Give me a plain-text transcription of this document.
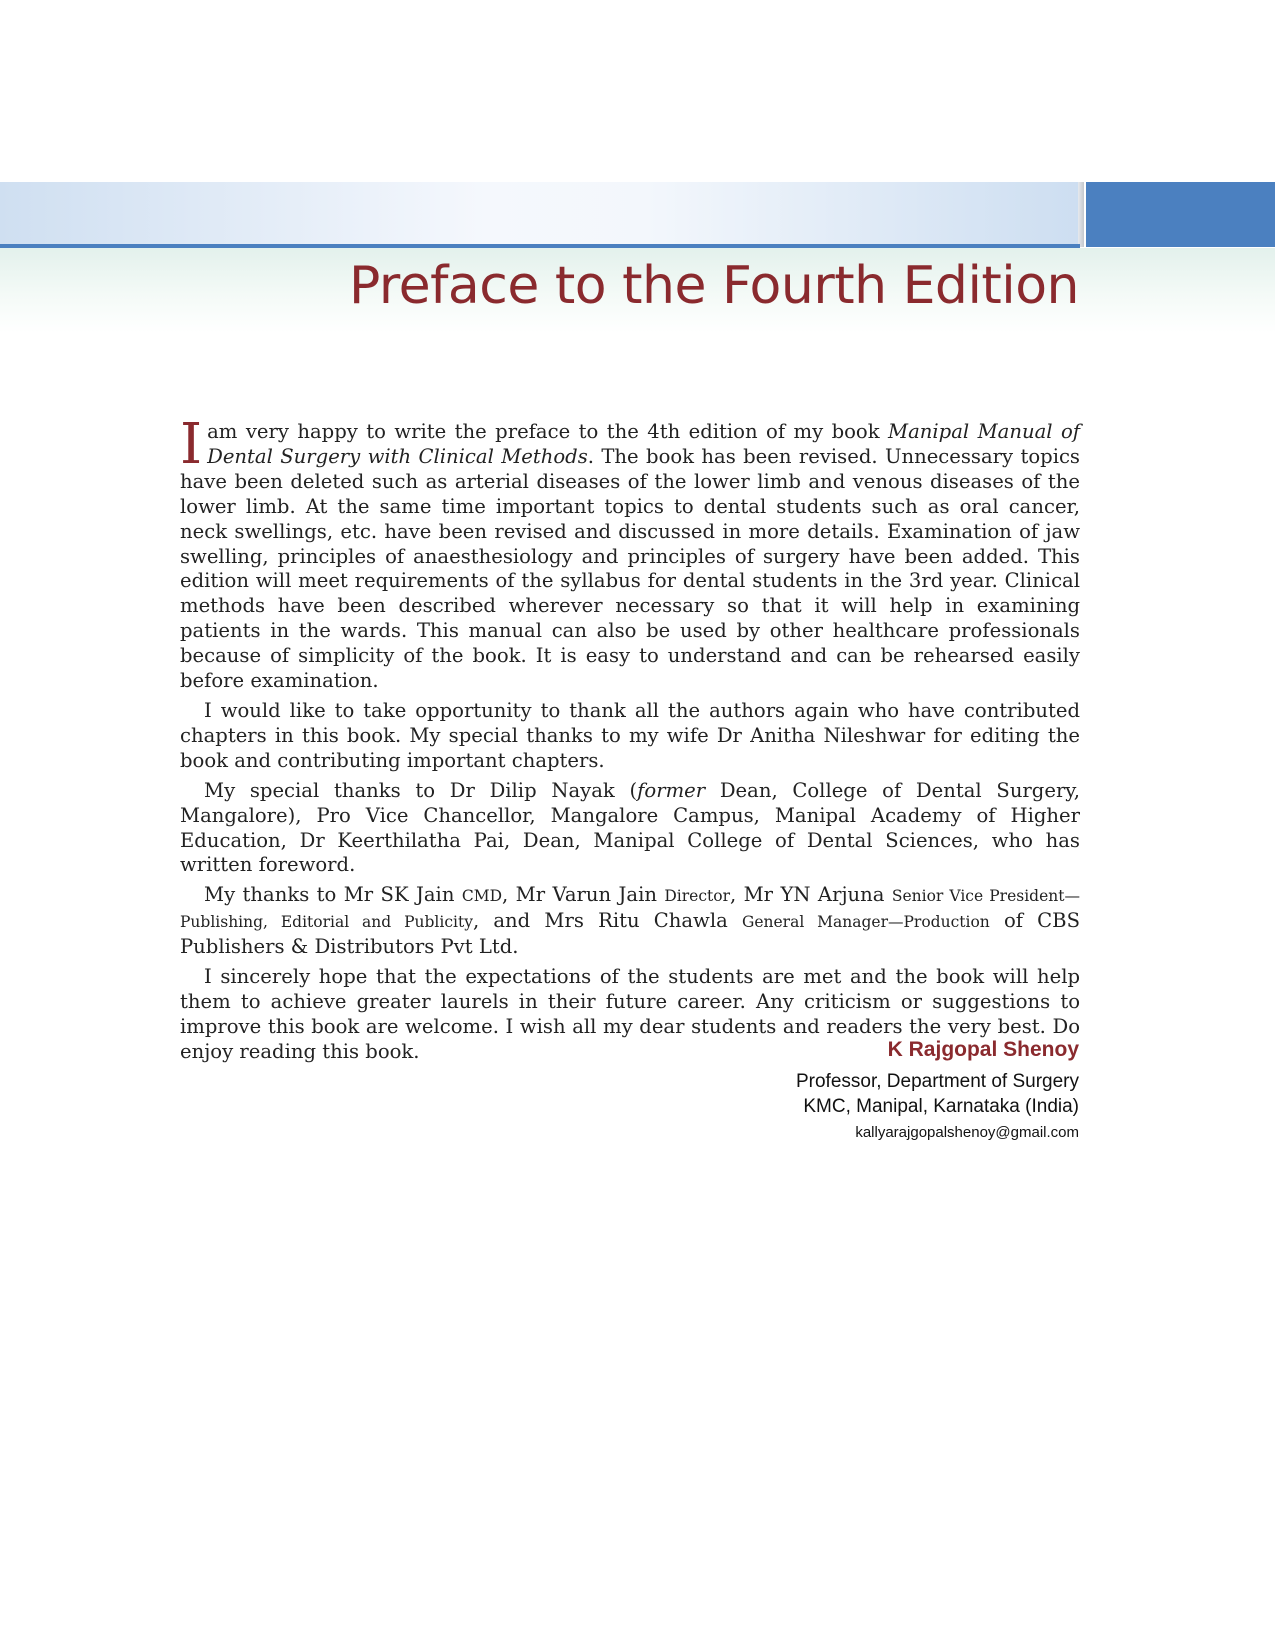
Preface to the Fourth Edition

I am very happy to write the preface to the 4th edition of my book Manipal Manual of Dental Surgery with Clinical Methods. The book has been revised. Unnecessary topics have been deleted such as arterial diseases of the lower limb and venous diseases of the lower limb. At the same time important topics to dental students such as oral cancer, neck swellings, etc. have been revised and discussed in more details. Examination of jaw swelling, principles of anaesthesiology and principles of surgery have been added. This edition will meet requirements of the syllabus for dental students in the 3rd year. Clinical methods have been described wherever necessary so that it will help in examining patients in the wards. This manual can also be used by other healthcare professionals because of simplicity of the book. It is easy to understand and can be rehearsed easily before examination.

I would like to take opportunity to thank all the authors again who have contributed chapters in this book. My special thanks to my wife Dr Anitha Nileshwar for editing the book and contributing important chapters.

My special thanks to Dr Dilip Nayak (former Dean, College of Dental Surgery, Mangalore), Pro Vice Chancellor, Mangalore Campus, Manipal Academy of Higher Education, Dr Keerthilatha Pai, Dean, Manipal College of Dental Sciences, who has written foreword.

My thanks to Mr SK Jain CMD, Mr Varun Jain Director, Mr YN Arjuna Senior Vice President—Publishing, Editorial and Publicity, and Mrs Ritu Chawla General Manager—Production of CBS Publishers & Distributors Pvt Ltd.

I sincerely hope that the expectations of the students are met and the book will help them to achieve greater laurels in their future career. Any criticism or suggestions to improve this book are welcome. I wish all my dear students and readers the very best. Do enjoy reading this book.	K Rajgopal Shenoy
Professor, Department of Surgery
KMC, Manipal, Karnataka (India)
kallyarajgopalshenoy@gmail.com
